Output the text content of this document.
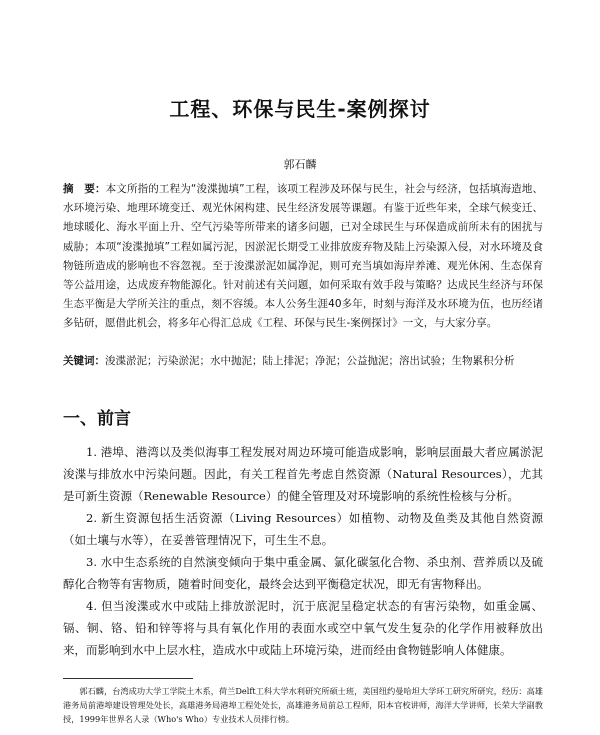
工程、环保与民生-案例探讨
郭石麟
摘　要：本文所指的工程为“浚渫抛填”工程，该项工程涉及环保与民生，社会与经济，包括填海造地、水环境污染、地理环境变迁、观光休闲构建、民生经济发展等课题。有鉴于近些年来，全球气候变迁、地球暖化、海水平面上升、空气污染等所带来的诸多问题，已对全球民生与环保造成前所未有的困扰与威胁；本项“浚渫抛填”工程如属污泥，因淤泥长期受工业排放废弃物及陆上污染源入侵，对水环境及食物链所造成的影响也不容忽视。至于浚渫淤泥如属净泥，则可充当填如海岸养滩、观光休闲、生态保育等公益用途，达成废弃物能源化。针对前述有关问题，如何采取有效手段与策略？达成民生经济与环保生态平衡是大学所关注的重点，刻不容缓。本人公务生涯40多年，时刻与海洋及水环境为伍，也历经诸多钻研，愿借此机会，将多年心得汇总成《工程、环保与民生-案例探讨》一文，与大家分享。
关键词：浚渫淤泥；污染淤泥；水中抛泥；陆上排泥；净泥；公益抛泥；溶出试验；生物累积分析
一、前言

1. 港埠、港湾以及类似海事工程发展对周边环境可能造成影响，影响层面最大者应属淤泥浚渫与排放水中污染问题。因此，有关工程首先考虑自然资源（Natural Resources），尤其是可新生资源（Renewable Resource）的健全管理及对环境影响的系统性检核与分析。

2. 新生资源包括生活资源（Living Resources）如植物、动物及鱼类及其他自然资源（如土壤与水等），在妥善管理情况下，可生生不息。

3. 水中生态系统的自然演变倾向于集中重金属、氯化碳氢化合物、杀虫剂、营养质以及硫醇化合物等有害物质，随着时间变化，最终会达到平衡稳定状况，即无有害物释出。

4. 但当浚渫或水中或陆上排放淤泥时，沉于底泥呈稳定状态的有害污染物，如重金属、镉、铜、铬、铅和锌等将与具有氧化作用的表面水或空中氧气发生复杂的化学作用被释放出来，而影响到水中上层水柱，造成水中或陆上环境污染，进而经由食物链影响人体健康。

郭石麟，台湾成功大学工学院土木系，荷兰Delft工科大学水利研究所硕士班，美国纽约曼哈坦大学环工研究所研究，经历：高雄港务局前港埠建设管理处处长，高雄港务局港埠工程处处长，高雄港务局前总工程师，阳本官校讲师，海洋大学讲师，长荣大学副教授，1999年世界名人录（Who's Who）专业技术人员排行榜。
